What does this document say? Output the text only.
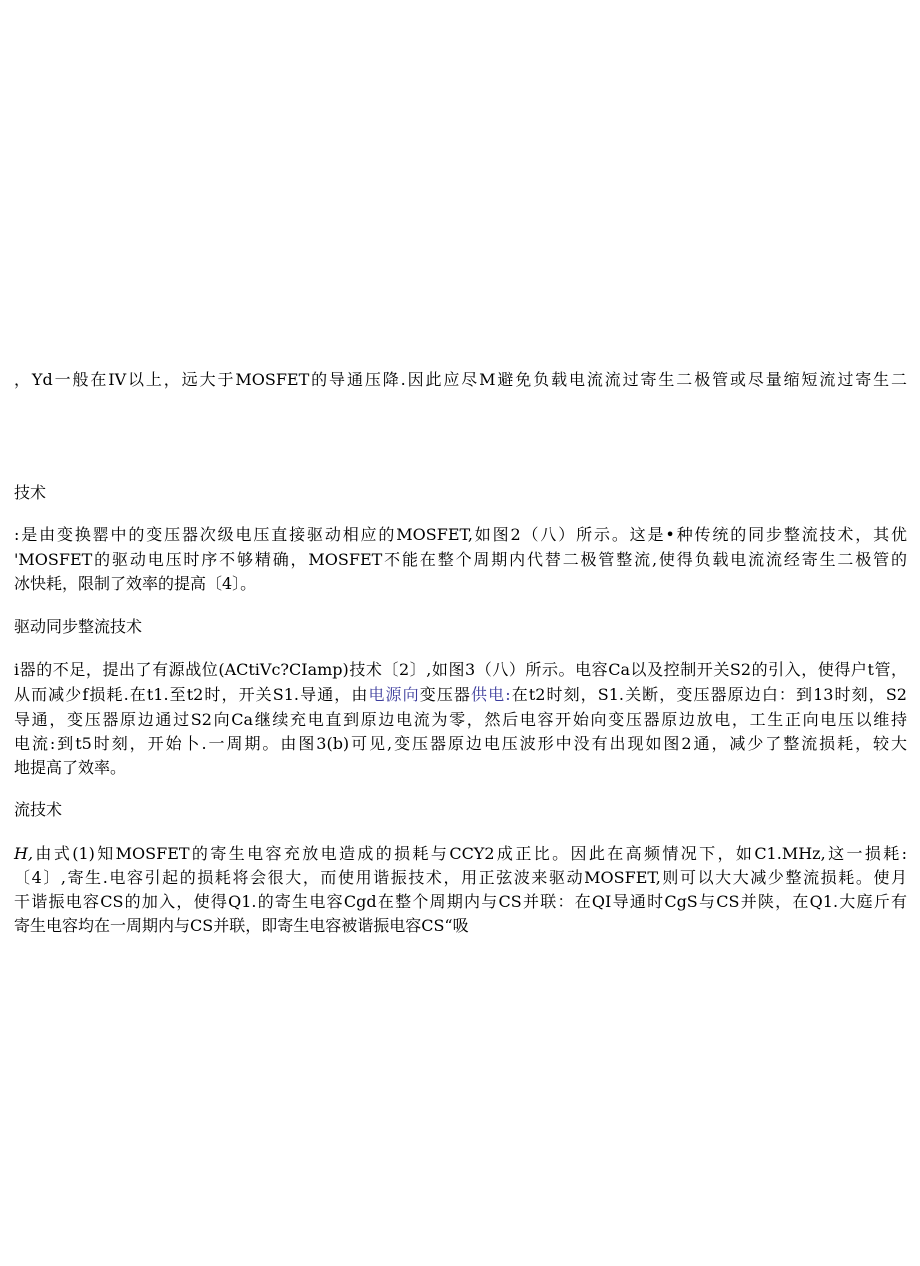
，Yd一般在IV以上，远大于MOSFET的导通压降.因此应尽M避免负载电流流过寄生二极管或尽量缩短流过寄生二
技术
:是由变换罂中的变压器次级电压直接驱动相应的MOSFET,如图2（八）所示。这是•种传统的同步整流技术，其优
'MOSFET的驱动电压时序不够精确，MOSFET不能在整个周期内代替二极管整流,使得负载电流流经寄生二极管的
冰快耗，限制了效率的提高〔4〕。
驱动同步整流技术
i器的不足，提出了有源战位(ACtiVc?CIamp)技术〔2〕,如图3（八）所示。电容Ca以及控制开关S2的引入，使得户t管，
从而减少f损耗.在t1.至t2时，开关S1.导通，由电源向变压器供电:在t2时刻，S1.关断，变压器原边白：到13时刻，S2
导通，变压器原边通过S2向Ca继续充电直到原边电流为零，然后电容开始向变压器原边放电，工生正向电压以维持
电流:到t5时刻，开始卜.一周期。由图3(b)可见,变压器原边电压波形中没有出现如图2通，减少了整流损耗，较大
地提高了效率。
流技术
H,由式(1)知MOSFET的寄生电容充放电造成的损耗与CCY2成正比。因此在高频情况下，如C1.MHz,这一损耗:
〔4〕,寄生.电容引起的损耗将会很大，而使用谐振技术，用正弦波来驱动MOSFET,则可以大大减少整流损耗。使月
干谐振电容CS的加入，使得Q1.的寄生电容Cgd在整个周期内与CS并联：在QI导通时CgS与CS并陕，在Q1.大庭斤有
寄生电容均在一周期内与CS并联，即寄生电容被谐振电容CS“吸
